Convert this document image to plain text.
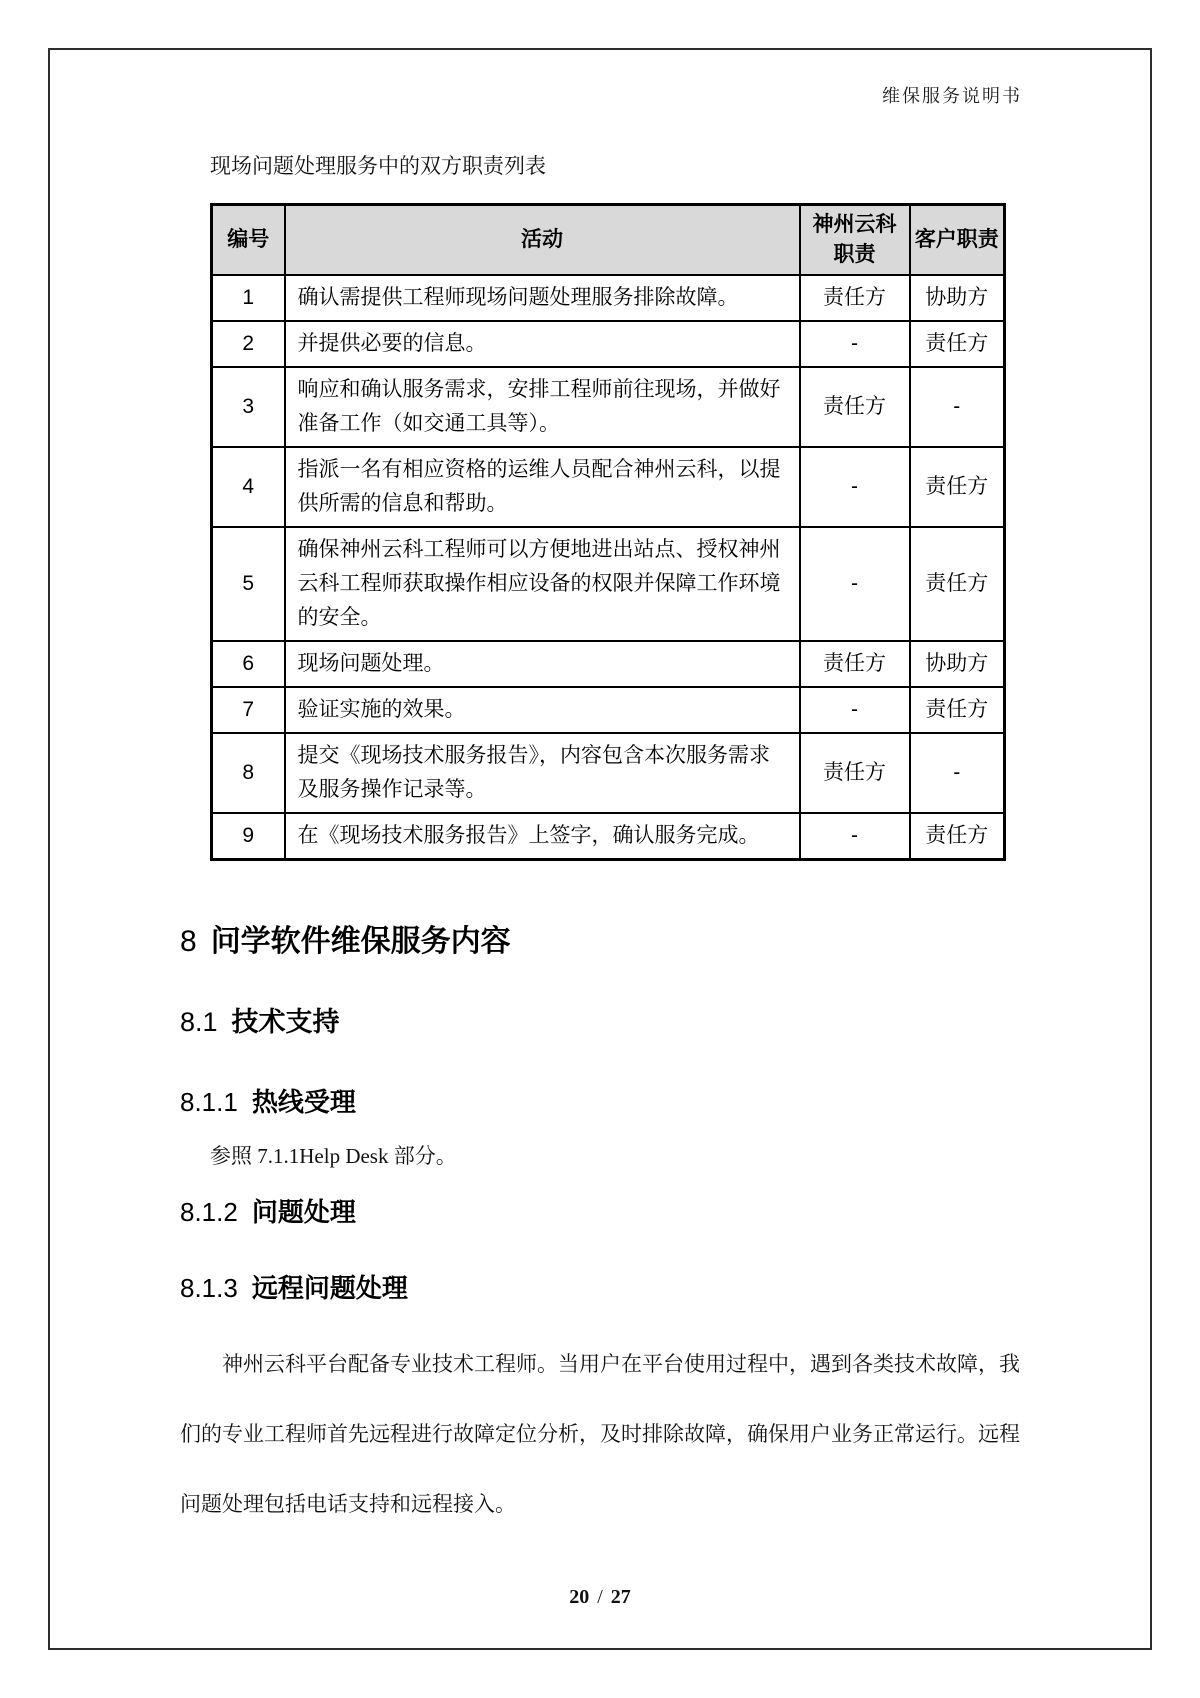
维保服务说明书
现场问题处理服务中的双方职责列表
编号	活动	神州云科职责	客户职责
1	确认需提供工程师现场问题处理服务排除故障。	责任方	协助方
2	并提供必要的信息。	-	责任方
3	响应和确认服务需求，安排工程师前往现场，并做好准备工作（如交通工具等）。	责任方	-
4	指派一名有相应资格的运维人员配合神州云科，以提供所需的信息和帮助。	-	责任方
5	确保神州云科工程师可以方便地进出站点、授权神州云科工程师获取操作相应设备的权限并保障工作环境的安全。	-	责任方
6	现场问题处理。	责任方	协助方
7	验证实施的效果。	-	责任方
8	提交《现场技术服务报告》，内容包含本次服务需求及服务操作记录等。	责任方	-
9	在《现场技术服务报告》上签字，确认服务完成。	-	责任方
8 问学软件维保服务内容
8.1 技术支持
8.1.1 热线受理

参照 7.1.1Help Desk 部分。

8.1.2 问题处理
8.1.3 远程问题处理
神州云科平台配备专业技术工程师。当用户在平台使用过程中，遇到各类技术故障，我
们的专业工程师首先远程进行故障定位分析，及时排除故障，确保用户业务正常运行。远程
问题处理包括电话支持和远程接入。
20 / 27
